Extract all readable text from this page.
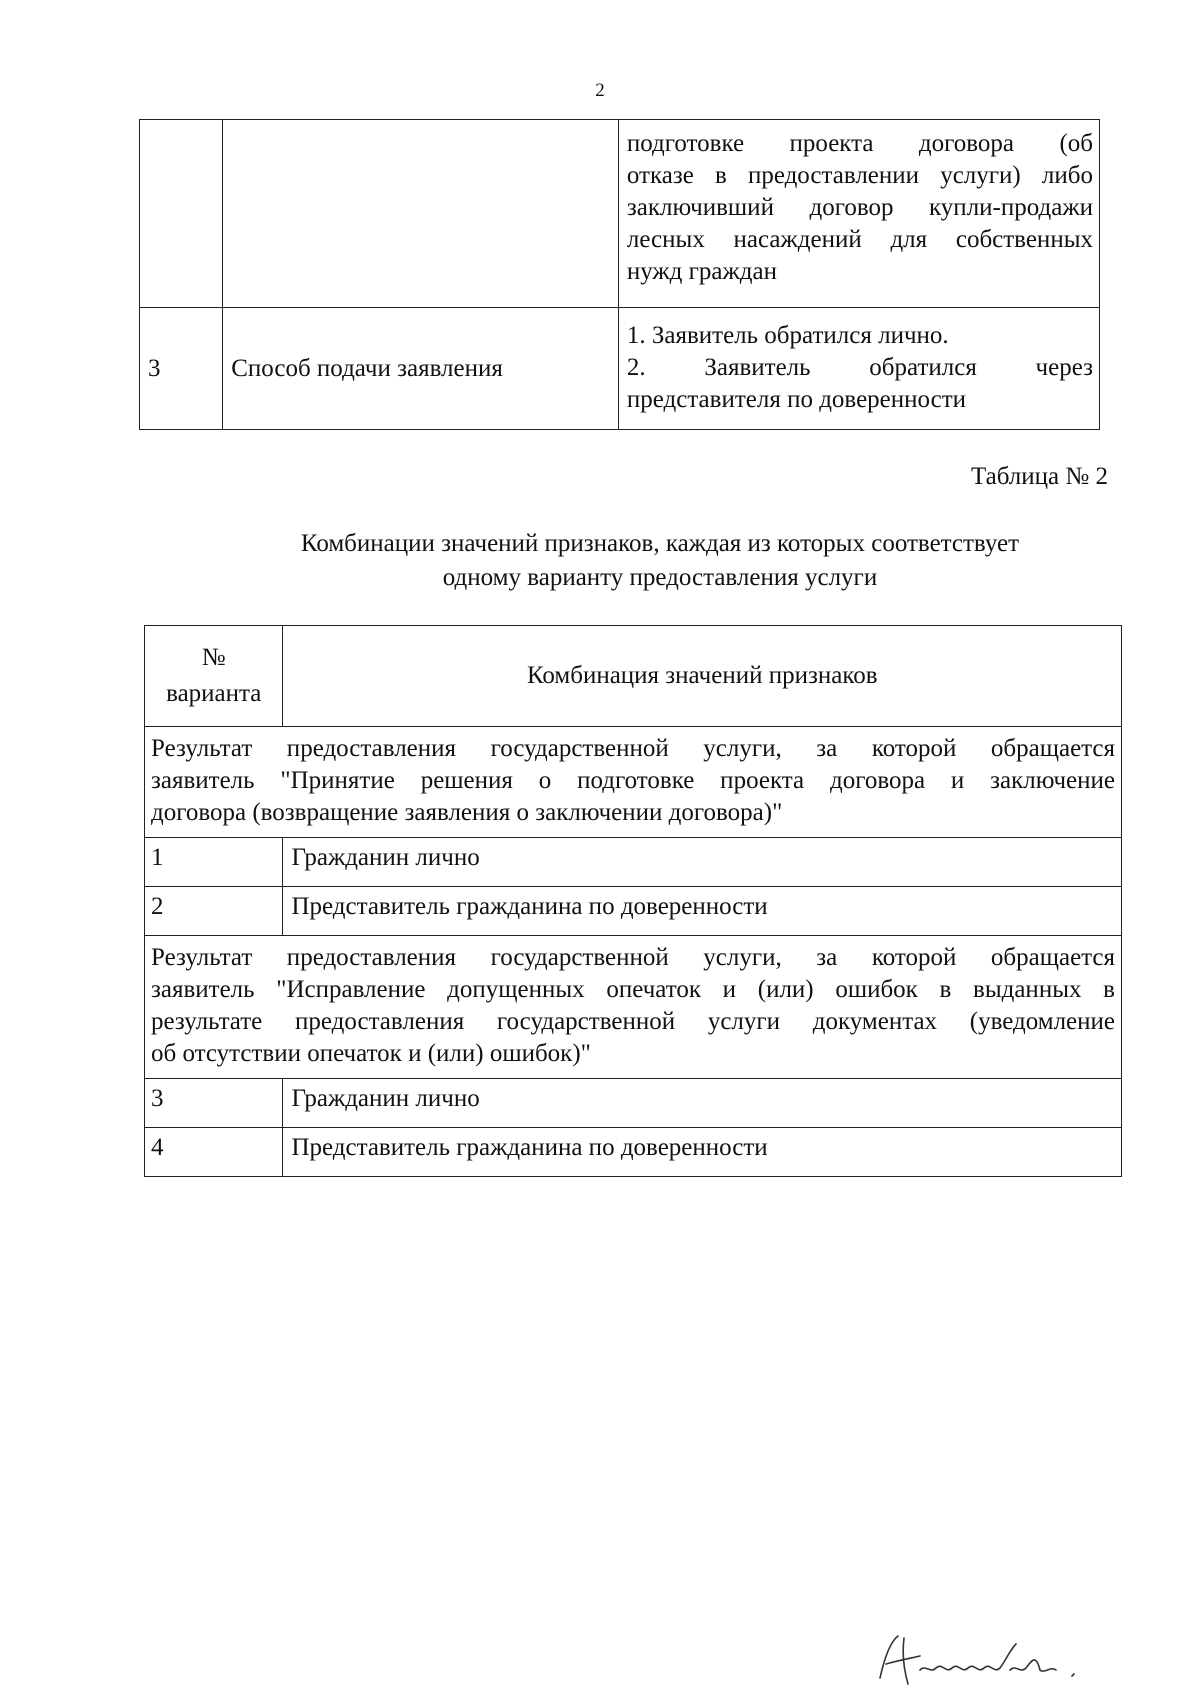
2

		подготовке проекта договора (об
отказе в предоставлении услуги) либо
заключивший договор купли-продажи
лесных насаждений для собственных
нужд граждан

3	Способ подачи заявления	1. Заявитель обратился лично.
2. Заявитель обратился через
представителя по доверенности
Таблица № 2
Комбинации значений признаков, каждая из которых соответствует
одному варианту предоставления услуги
№
варианта	Комбинация значений признаков

Результат предоставления государственной услуги, за которой обращается
заявитель "Принятие решения о подготовке проекта договора и заключение
договора (возвращение заявления о заключении договора)"	

1	Гражданин лично
2	Представитель гражданина по доверенности

Результат предоставления государственной услуги, за которой обращается
заявитель "Исправление допущенных опечаток и (или) ошибок в выданных в
результате предоставления государственной услуги документах (уведомление
об отсутствии опечаток и (или) ошибок)"	

3	Гражданин лично
4	Представитель гражданина по доверенности
